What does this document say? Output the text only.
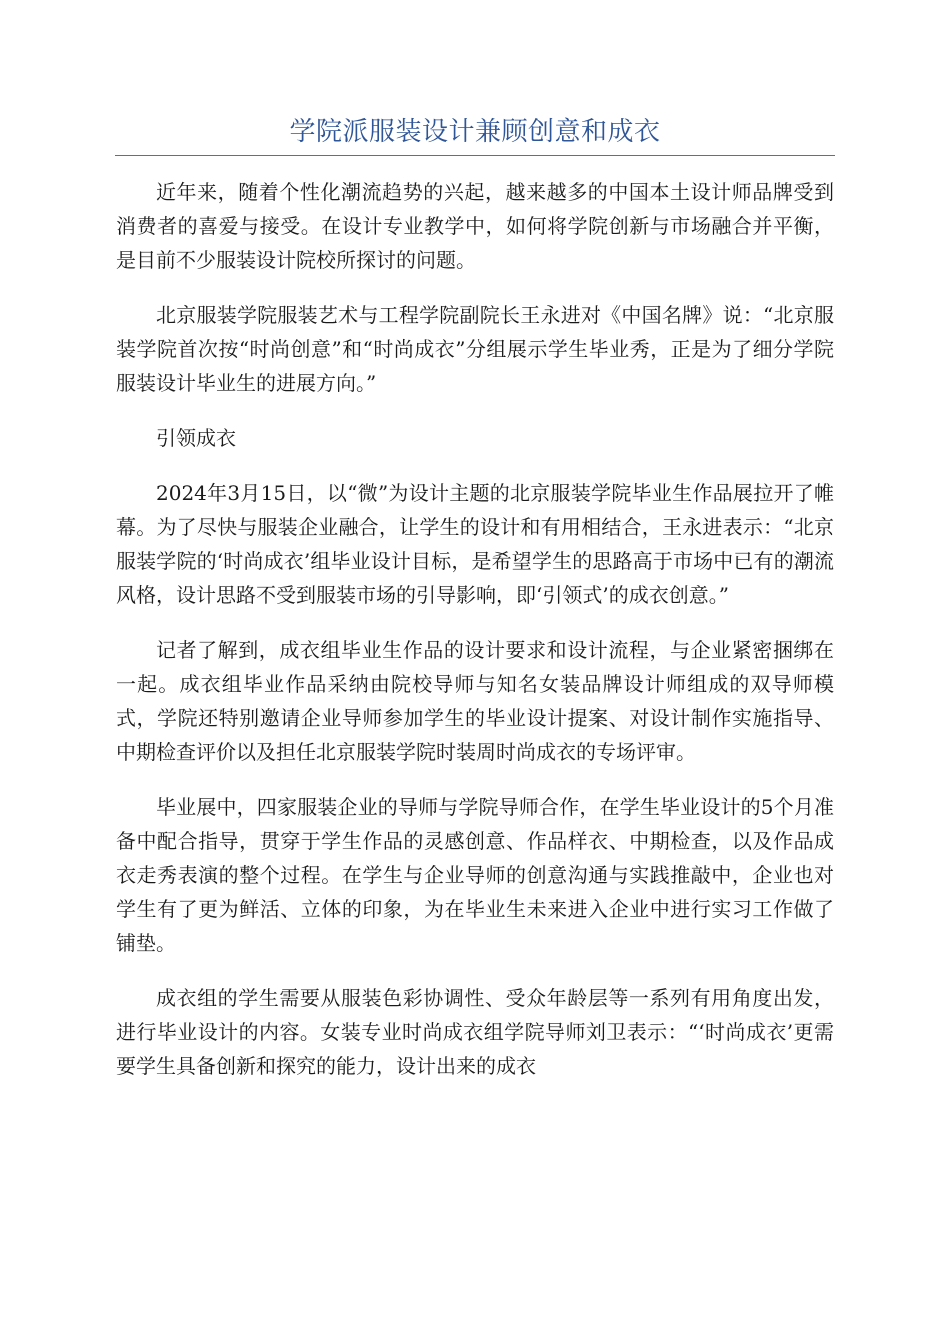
学院派服装设计兼顾创意和成衣

近年来，随着个性化潮流趋势的兴起，越来越多的中国本土设计师品牌受到消费者的喜爱与接受。在设计专业教学中，如何将学院创新与市场融合并平衡，是目前不少服装设计院校所探讨的问题。

北京服装学院服装艺术与工程学院副院长王永进对《中国名牌》说：“北京服装学院首次按“时尚创意”和“时尚成衣”分组展示学生毕业秀，正是为了细分学院服装设计毕业生的进展方向。”

引领成衣

2024年3月15日，以“微”为设计主题的北京服装学院毕业生作品展拉开了帷幕。为了尽快与服装企业融合，让学生的设计和有用相结合，王永进表示：“北京服装学院的‘时尚成衣’组毕业设计目标，是希望学生的思路高于市场中已有的潮流风格，设计思路不受到服装市场的引导影响，即‘引领式’的成衣创意。”

记者了解到，成衣组毕业生作品的设计要求和设计流程，与企业紧密捆绑在一起。成衣组毕业作品采纳由院校导师与知名女装品牌设计师组成的双导师模式，学院还特别邀请企业导师参加学生的毕业设计提案、对设计制作实施指导、中期检查评价以及担任北京服装学院时装周时尚成衣的专场评审。

毕业展中，四家服装企业的导师与学院导师合作，在学生毕业设计的5个月准备中配合指导，贯穿于学生作品的灵感创意、作品样衣、中期检查，以及作品成衣走秀表演的整个过程。在学生与企业导师的创意沟通与实践推敲中，企业也对学生有了更为鲜活、立体的印象，为在毕业生未来进入企业中进行实习工作做了铺垫。

成衣组的学生需要从服装色彩协调性、受众年龄层等一系列有用角度出发，进行毕业设计的内容。女装专业时尚成衣组学院导师刘卫表示：“‘时尚成衣’更需要学生具备创新和探究的能力，设计出来的成衣
